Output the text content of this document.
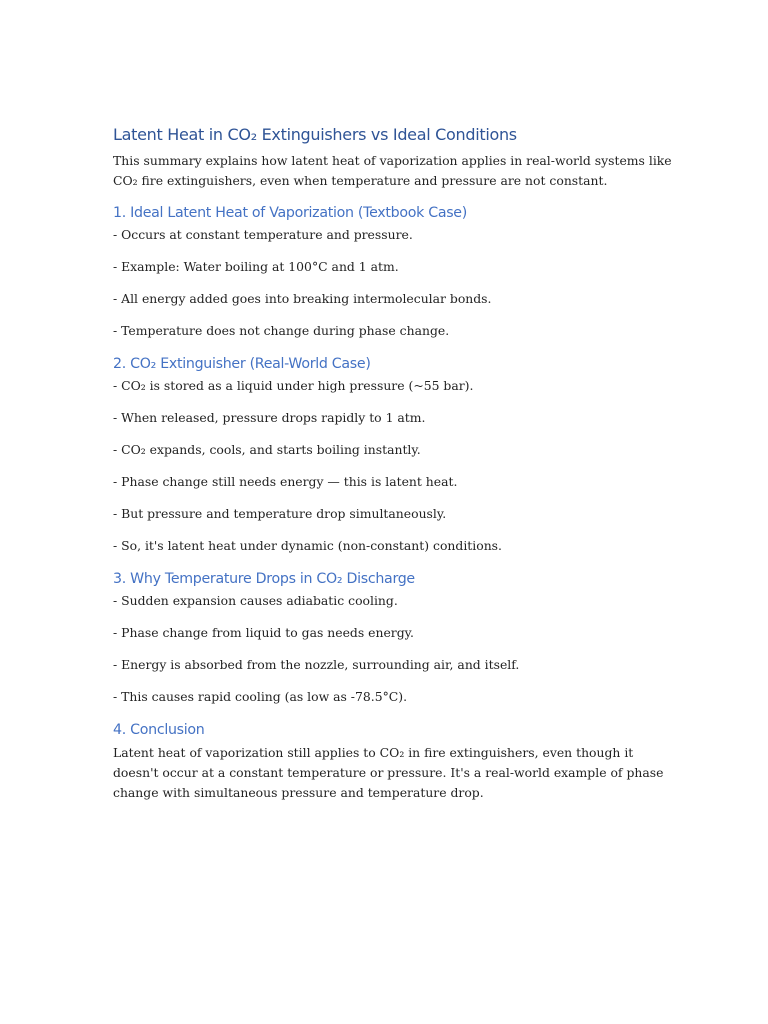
Latent Heat in CO₂ Extinguishers vs Ideal Conditions

This summary explains how latent heat of vaporization applies in real-world systems like CO₂ fire extinguishers, even when temperature and pressure are not constant.

1. Ideal Latent Heat of Vaporization (Textbook Case)
- Occurs at constant temperature and pressure.
- Example: Water boiling at 100°C and 1 atm.
- All energy added goes into breaking intermolecular bonds.
- Temperature does not change during phase change.
2. CO₂ Extinguisher (Real-World Case)
- CO₂ is stored as a liquid under high pressure (~55 bar).
- When released, pressure drops rapidly to 1 atm.
- CO₂ expands, cools, and starts boiling instantly.
- Phase change still needs energy — this is latent heat.
- But pressure and temperature drop simultaneously.
- So, it's latent heat under dynamic (non-constant) conditions.
3. Why Temperature Drops in CO₂ Discharge
- Sudden expansion causes adiabatic cooling.
- Phase change from liquid to gas needs energy.
- Energy is absorbed from the nozzle, surrounding air, and itself.
- This causes rapid cooling (as low as -78.5°C).
4. Conclusion

Latent heat of vaporization still applies to CO₂ in fire extinguishers, even though it doesn't occur at a constant temperature or pressure. It's a real-world example of phase change with simultaneous pressure and temperature drop.
